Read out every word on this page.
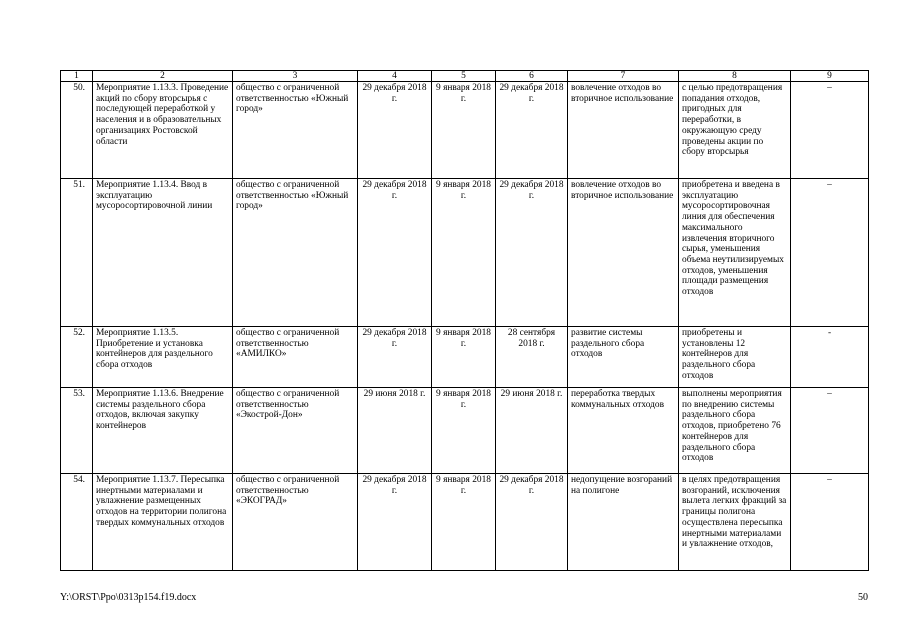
1	2	3	4	5	6	7	8	9
50.	Мероприятие 1.13.3. Проведение акций по сбору вторсырья с последующей переработкой у населения и в образовательных организациях Ростовской области	общество с ограниченной ответственностью «Южный город»	29 декабря 2018 г.	9 января 2018 г.	29 декабря 2018 г.	вовлечение отходов во вторичное использование	с целью предотвращения попадания отходов, пригодных для переработки, в окружающую среду проведены акции по сбору вторсырья	–
51.	Мероприятие 1.13.4. Ввод в эксплуатацию мусоросортировочной линии	общество с ограниченной ответственностью «Южный город»	29 декабря 2018 г.	9 января 2018 г.	29 декабря 2018 г.	вовлечение отходов во вторичное использование	приобретена и введена в эксплуатацию мусоросортировочная линия для обеспечения максимального извлечения вторичного сырья, уменьшения объема неутилизируемых отходов, уменьшения площади размещения отходов	–
52.	Мероприятие 1.13.5. Приобретение и установка контейнеров для раздельного сбора отходов	общество с ограниченной ответственностью «АМИЛКО»	29 декабря 2018 г.	9 января 2018 г.	28 сентября 2018 г.	развитие системы раздельного сбора отходов	приобретены и установлены 12 контейнеров для раздельного сбора отходов	-
53.	Мероприятие 1.13.6. Внедрение системы раздельного сбора отходов, включая закупку контейнеров	общество с ограниченной ответственностью «Экострой-Дон»	29 июня 2018 г.	9 января 2018 г.	29 июня 2018 г.	переработка твердых коммунальных отходов	выполнены мероприятия по внедрению системы раздельного сбора отходов, приобретено 76 контейнеров для раздельного сбора отходов	–
54.	Мероприятие 1.13.7. Пересыпка инертными материалами и увлажнение размещенных отходов на территории полигона твердых коммунальных отходов	общество с ограниченной ответственностью «ЭКОГРАД»	29 декабря 2018 г.	9 января 2018 г.	29 декабря 2018 г.	недопущение возгораний на полигоне	в целях предотвращения возгораний, исключения вылета легких фракций за границы полигона осуществлена пересыпка инертными материалами и увлажнение отходов,	–
Y:\ORST\Ppo\0313p154.f19.docx	50
